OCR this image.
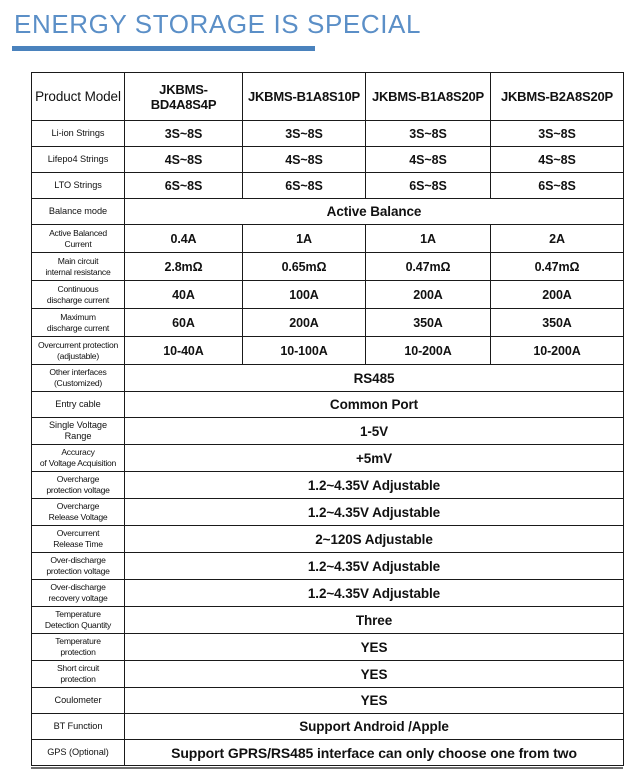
ENERGY STORAGE IS SPECIAL
Product Model	JKBMS-BD4A8S4P	JKBMS-B1A8S10P	JKBMS-B1A8S20P	JKBMS-B2A8S20P
Li-ion Strings	3S~8S	3S~8S	3S~8S	3S~8S
Lifepo4 Strings	4S~8S	4S~8S	4S~8S	4S~8S
LTO Strings	6S~8S	6S~8S	6S~8S	6S~8S
Balance mode	Active Balance			
Active Balanced
Current	0.4A	1A	1A	2A
Main circuit
internal resistance	2.8mΩ	0.65mΩ	0.47mΩ	0.47mΩ
Continuous
discharge current	40A	100A	200A	200A
Maximum
discharge current	60A	200A	350A	350A
Overcurrent protection
(adjustable)	10-40A	10-100A	10-200A	10-200A
Other interfaces
(Customized)	RS485			
Entry cable	Common Port			
Single Voltage Range	1-5V			
Accuracy
of Voltage Acquisition	+5mV			
Overcharge
protection voltage	1.2~4.35V Adjustable			
Overcharge
Release Voltage	1.2~4.35V Adjustable			
Overcurrent
Release Time	2~120S Adjustable			
Over-discharge
protection voltage	1.2~4.35V Adjustable			
Over-discharge
recovery voltage	1.2~4.35V Adjustable			
Temperature
Detection Quantity	Three			
Temperature
protection	YES			
Short circuit
protection	YES			
Coulometer	YES			
BT Function	Support Android /Apple			
GPS (Optional)	Support GPRS/RS485 interface can only choose one from two			
